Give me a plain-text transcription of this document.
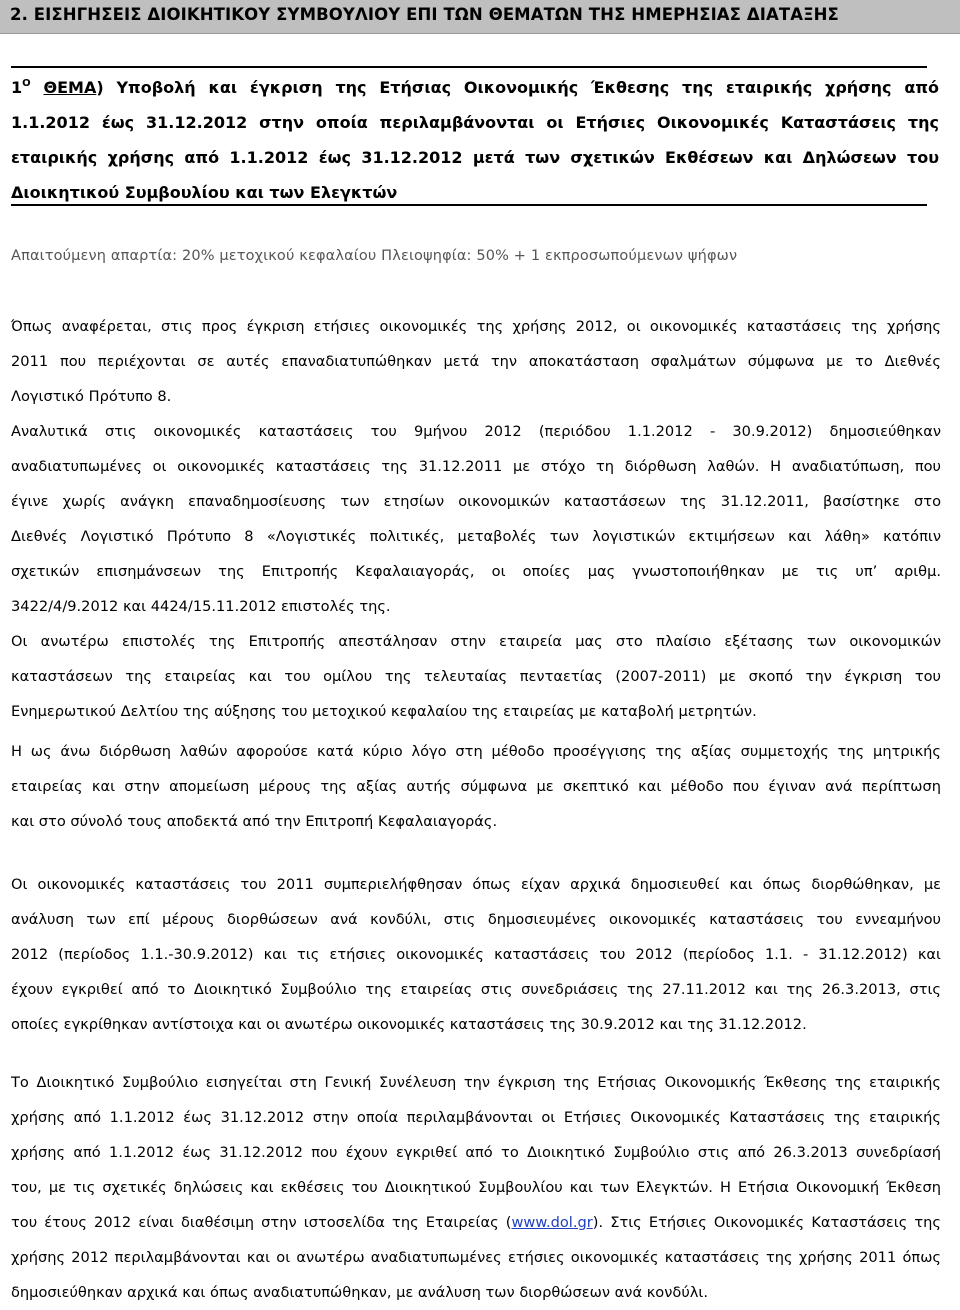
2. ΕΙΣΗΓΗΣΕΙΣ ΔΙΟΙΚΗΤΙΚΟΥ ΣΥΜΒΟΥΛΙΟΥ ΕΠΙ ΤΩΝ ΘΕΜΑΤΩΝ ΤΗΣ ΗΜΕΡΗΣΙΑΣ ΔΙΑΤΑΞΗΣ
$1^O$ ΘΕΜΑ) Υποβολή και έγκριση της Ετήσιας Οικονομικής Έκθεσης της εταιρικής χρήσης από
1.1.2012 έως 31.12.2012 στην οποία περιλαμβάνονται οι Ετήσιες Οικονομικές Καταστάσεις της
εταιρικής χρήσης από 1.1.2012 έως 31.12.2012 μετά των σχετικών Εκθέσεων και Δηλώσεων του
Διοικητικού Συμβουλίου και των Ελεγκτών
Απαιτούμενη απαρτία: 20% μετοχικού κεφαλαίου Πλειοψηφία: 50% + 1 εκπροσωπούμενων ψήφων
Όπως αναφέρεται, στις προς έγκριση ετήσιες οικονομικές της χρήσης 2012, οι οικονομικές καταστάσεις της χρήσης
2011 που περιέχονται σε αυτές επαναδιατυπώθηκαν μετά την αποκατάσταση σφαλμάτων σύμφωνα με το Διεθνές
Λογιστικό Πρότυπο 8.
Αναλυτικά στις οικονομικές καταστάσεις του 9μήνου 2012 (περιόδου 1.1.2012 - 30.9.2012) δημοσιεύθηκαν
αναδιατυπωμένες οι οικονομικές καταστάσεις της 31.12.2011 με στόχο τη διόρθωση λαθών. Η αναδιατύπωση, που
έγινε χωρίς ανάγκη επαναδημοσίευσης των ετησίων οικονομικών καταστάσεων της 31.12.2011, βασίστηκε στο
Διεθνές Λογιστικό Πρότυπο 8 «Λογιστικές πολιτικές, μεταβολές των λογιστικών εκτιμήσεων και λάθη» κατόπιν
σχετικών επισημάνσεων της Επιτροπής Κεφαλαιαγοράς, οι οποίες μας γνωστοποιήθηκαν με τις υπ’ αριθμ.
3422/4/9.2012 και 4424/15.11.2012 επιστολές της.
Οι ανωτέρω επιστολές της Επιτροπής απεστάλησαν στην εταιρεία μας στο πλαίσιο εξέτασης των οικονομικών
καταστάσεων της εταιρείας και του ομίλου της τελευταίας πενταετίας (2007-2011) με σκοπό την έγκριση του
Ενημερωτικού Δελτίου της αύξησης του μετοχικού κεφαλαίου της εταιρείας με καταβολή μετρητών.
Η ως άνω διόρθωση λαθών αφορούσε κατά κύριο λόγο στη μέθοδο προσέγγισης της αξίας συμμετοχής της μητρικής
εταιρείας και στην απομείωση μέρους της αξίας αυτής σύμφωνα με σκεπτικό και μέθοδο που έγιναν ανά περίπτωση
και στο σύνολό τους αποδεκτά από την Επιτροπή Κεφαλαιαγοράς.
Οι οικονομικές καταστάσεις του 2011 συμπεριελήφθησαν όπως είχαν αρχικά δημοσιευθεί και όπως διορθώθηκαν, με
ανάλυση των επί μέρους διορθώσεων ανά κονδύλι, στις δημοσιευμένες οικονομικές καταστάσεις του εννεαμήνου
2012 (περίοδος 1.1.-30.9.2012) και τις ετήσιες οικονομικές καταστάσεις του 2012 (περίοδος 1.1. - 31.12.2012) και
έχουν εγκριθεί από το Διοικητικό Συμβούλιο της εταιρείας στις συνεδριάσεις της 27.11.2012 και της 26.3.2013, στις
οποίες εγκρίθηκαν αντίστοιχα και οι ανωτέρω οικονομικές καταστάσεις της 30.9.2012 και της 31.12.2012.
Το Διοικητικό Συμβούλιο εισηγείται στη Γενική Συνέλευση την έγκριση της Ετήσιας Οικονομικής Έκθεσης της εταιρικής
χρήσης από 1.1.2012 έως 31.12.2012 στην οποία περιλαμβάνονται οι Ετήσιες Οικονομικές Καταστάσεις της εταιρικής
χρήσης από 1.1.2012 έως 31.12.2012 που έχουν εγκριθεί από το Διοικητικό Συμβούλιο στις από 26.3.2013 συνεδρίασή
του, με τις σχετικές δηλώσεις και εκθέσεις του Διοικητικού Συμβουλίου και των Ελεγκτών. Η Ετήσια Οικονομική Έκθεση
του έτους 2012 είναι διαθέσιμη στην ιστοσελίδα της Εταιρείας (www.dol.gr). Στις Ετήσιες Οικονομικές Καταστάσεις της
χρήσης 2012 περιλαμβάνονται και οι ανωτέρω αναδιατυπωμένες ετήσιες οικονομικές καταστάσεις της χρήσης 2011 όπως
δημοσιεύθηκαν αρχικά και όπως αναδιατυπώθηκαν, με ανάλυση των διορθώσεων ανά κονδύλι.
